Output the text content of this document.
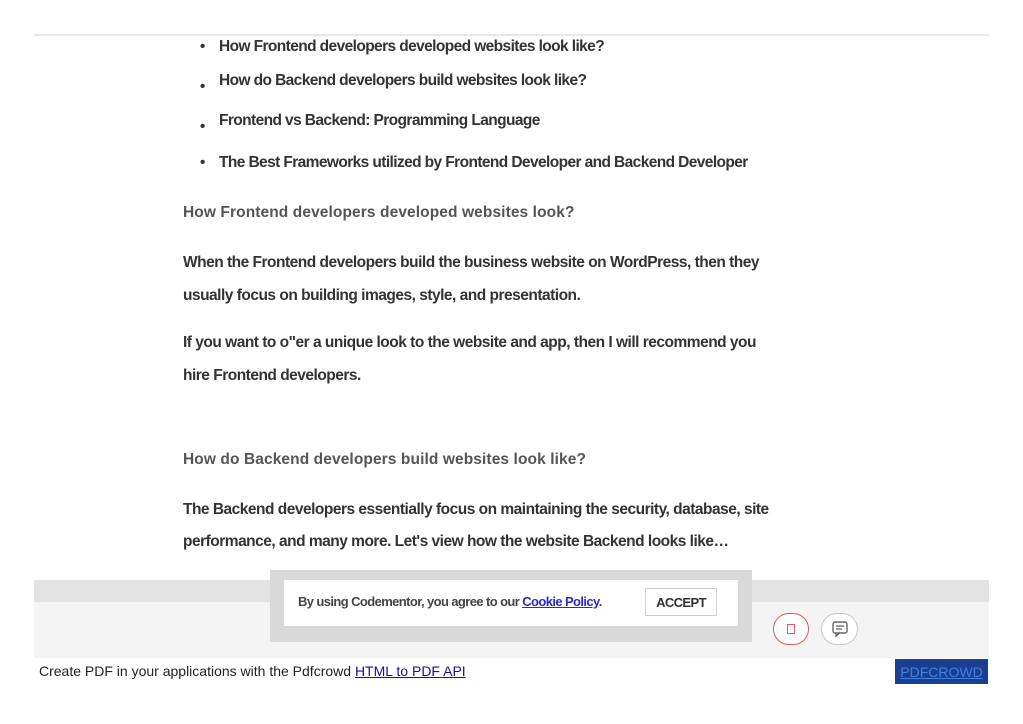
• How Frontend developers developed websites look like?
• How do Backend developers build websites look like?
• Frontend vs Backend: Programming Language
• The Best Frameworks utilized by Frontend Developer and Backend Developer
How Frontend developers developed websites look?
When the Frontend developers build the business website on WordPress, then they
usually focus on building images, style, and presentation.
If you want to o"er a unique look to the website and app, then I will recommend you
hire Frontend developers.
How do Backend developers build websites look like?
The Backend developers essentially focus on maintaining the security, database, site
performance, and many more. Let's view how the website Backend looks like…
By using Codementor, you agree to our Cookie Policy.	ACCEPT
Create PDF in your applications with the Pdfcrowd HTML to PDF API	PDFCROWD
